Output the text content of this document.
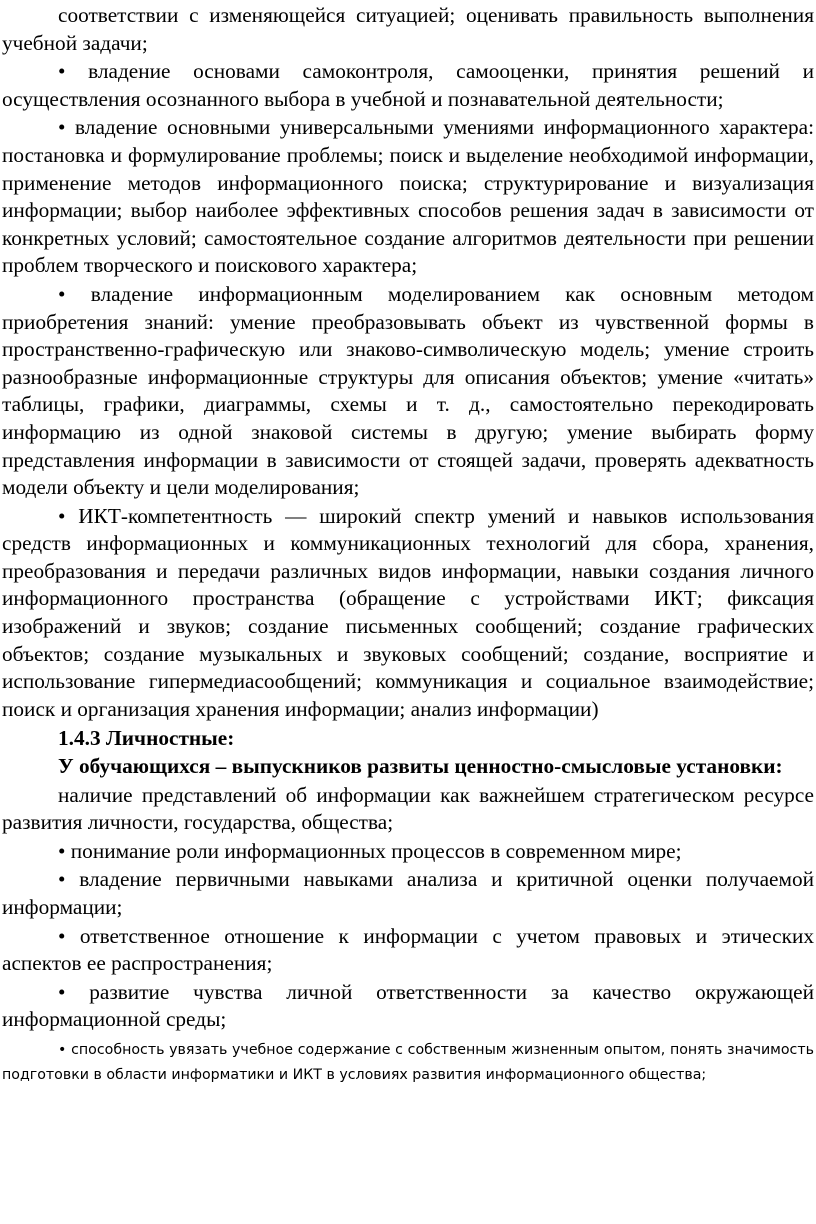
соответствии с изменяющейся ситуацией; оценивать правильность выполнения учебной задачи;

• владение основами самоконтроля, самооценки, принятия решений и осуществления осознанного выбора в учебной и познавательной деятельности;

• владение основными универсальными умениями информационного характера: постановка и формулирование проблемы; поиск и выделение необходимой информации, применение методов информационного поиска; структурирование и визуализация информации; выбор наиболее эффективных способов решения задач в зависимости от конкретных условий; самостоятельное создание алгоритмов деятельности при решении проблем творческого и поискового характера;

• владение информационным моделированием как основным методом приобретения знаний: умение преобразовывать объект из чувственной формы в пространственно-графическую или знаково-символическую модель; умение строить разнообразные информационные структуры для описания объектов; умение «читать» таблицы, графики, диаграммы, схемы и т. д., самостоятельно перекодировать информацию из одной знаковой системы в другую; умение выбирать форму представления информации в зависимости от стоящей задачи, проверять адекватность модели объекту и цели моделирования;

• ИКТ-компетентность — широкий спектр умений и навыков использования средств информационных и коммуникационных технологий для сбора, хранения, преобразования и передачи различных видов информации, навыки создания личного информационного пространства (обращение с устройствами ИКТ; фиксация изображений и звуков; создание письменных сообщений; создание графических объектов; создание музыкальных и звуковых сообщений; создание, восприятие и использование гипермедиасообщений; коммуникация и социальное взаимодействие; поиск и организация хранения информации; анализ информации)

1.4.3 Личностные:

У обучающихся – выпускников развиты ценностно-смысловые установки:

наличие представлений об информации как важнейшем стратегическом ресурсе развития личности, государства, общества;

• понимание роли информационных процессов в современном мире;

• владение первичными навыками анализа и критичной оценки получаемой информации;

• ответственное отношение к информации с учетом правовых и этических аспектов ее распространения;

• развитие чувства личной ответственности за качество окружающей информационной среды;

• способность увязать учебное содержание с собственным жизненным опытом, понять значимость подготовки в области информатики и ИКТ в условиях развития информационного общества;
